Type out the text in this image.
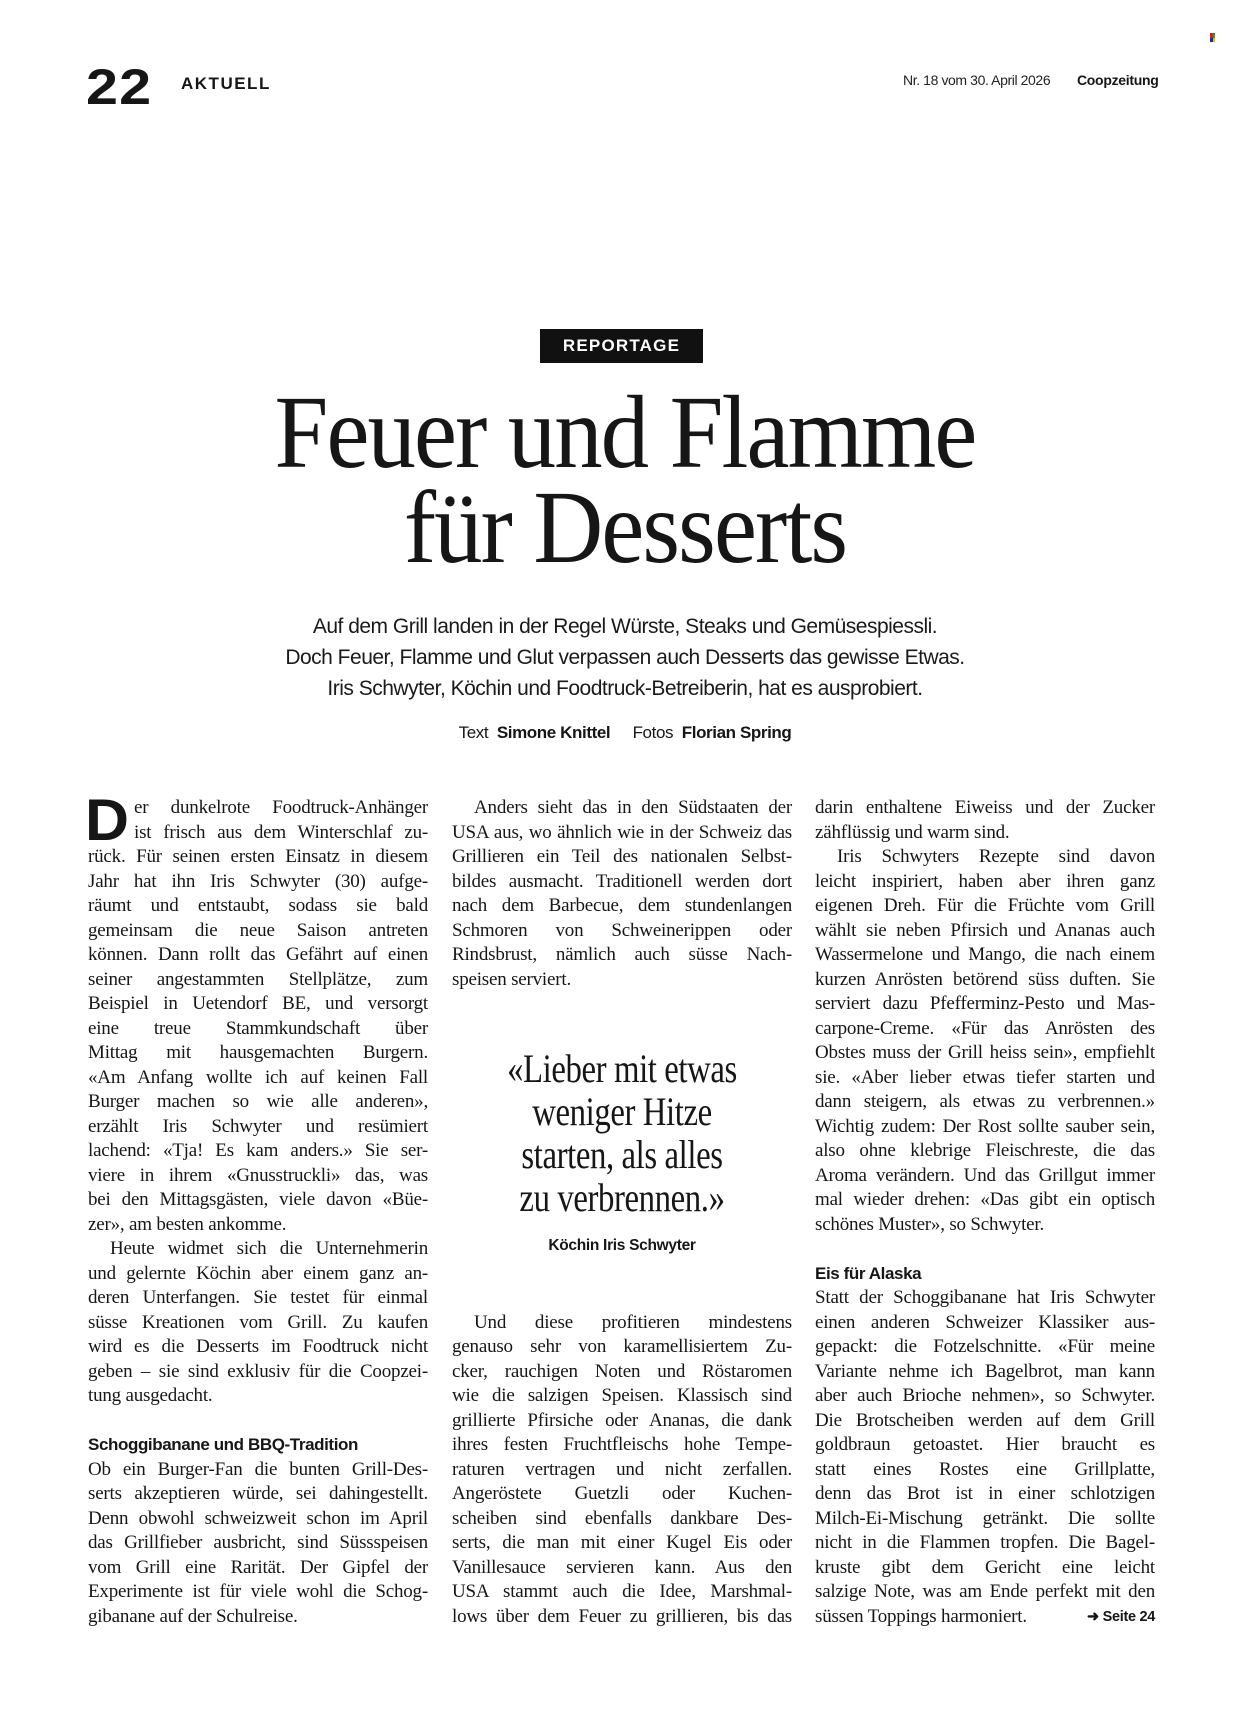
22 AKTUELL	Nr. 18 vom 30. April 2026 Coopzeitung
REPORTAGE
Feuer und Flamme
für Desserts
Auf dem Grill landen in der Regel Würste, Steaks und Gemüsespiessli.
Doch Feuer, Flamme und Glut verpassen auch Desserts das gewisse Etwas.
Iris Schwyter, Köchin und Foodtruck-Betreiberin, hat es ausprobiert.
Text Simone Knittel Fotos Florian Spring
D er dunkelrote Foodtruck-Anhänger
ist frisch aus dem Winterschlaf zu-
rück. Für seinen ersten Einsatz in diesem
Jahr hat ihn Iris Schwyter (30) aufge-
räumt und entstaubt, sodass sie bald
gemeinsam die neue Saison antreten
können. Dann rollt das Gefährt auf einen
seiner angestammten Stellplätze, zum
Beispiel in Uetendorf BE, und versorgt
eine treue Stammkundschaft über
Mittag mit hausgemachten Burgern.
«Am Anfang wollte ich auf keinen Fall
Burger machen so wie alle anderen»,
erzählt Iris Schwyter und resümiert
lachend: «Tja! Es kam anders.» Sie ser-
viere in ihrem «Gnusstruckli» das, was
bei den Mittagsgästen, viele davon «Büe-
zer», am besten ankomme.
Heute widmet sich die Unternehmerin
und gelernte Köchin aber einem ganz an-
deren Unterfangen. Sie testet für einmal
süsse Kreationen vom Grill. Zu kaufen
wird es die Desserts im Foodtruck nicht
geben – sie sind exklusiv für die Coopzei-
tung ausgedacht.
Schoggibanane und BBQ-Tradition
Ob ein Burger-Fan die bunten Grill-Des-
serts akzeptieren würde, sei dahingestellt.
Denn obwohl schweizweit schon im April
das Grillfieber ausbricht, sind Süssspeisen
vom Grill eine Rarität. Der Gipfel der
Experimente ist für viele wohl die Schog-
gibanane auf der Schulreise.
Anders sieht das in den Südstaaten der
USA aus, wo ähnlich wie in der Schweiz das
Grillieren ein Teil des nationalen Selbst-
bildes ausmacht. Traditionell werden dort
nach dem Barbecue, dem stundenlangen
Schmoren von Schweinerippen oder
Rindsbrust, nämlich auch süsse Nach-
speisen serviert.
«Lieber mit etwas
weniger Hitze
starten, als alles
zu verbrennen.»
Köchin Iris Schwyter
Und diese profitieren mindestens
genauso sehr von karamellisiertem Zu-
cker, rauchigen Noten und Röstaromen
wie die salzigen Speisen. Klassisch sind
grillierte Pfirsiche oder Ananas, die dank
ihres festen Fruchtfleischs hohe Tempe-
raturen vertragen und nicht zerfallen.
Angeröstete Guetzli oder Kuchen-
scheiben sind ebenfalls dankbare Des-
serts, die man mit einer Kugel Eis oder
Vanillesauce servieren kann. Aus den
USA stammt auch die Idee, Marshmal-
lows über dem Feuer zu grillieren, bis das
darin enthaltene Eiweiss und der Zucker
zähflüssig und warm sind.
Iris Schwyters Rezepte sind davon
leicht inspiriert, haben aber ihren ganz
eigenen Dreh. Für die Früchte vom Grill
wählt sie neben Pfirsich und Ananas auch
Wassermelone und Mango, die nach einem
kurzen Anrösten betörend süss duften. Sie
serviert dazu Pfefferminz-Pesto und Mas-
carpone-Creme. «Für das Anrösten des
Obstes muss der Grill heiss sein», empfiehlt
sie. «Aber lieber etwas tiefer starten und
dann steigern, als etwas zu verbrennen.»
Wichtig zudem: Der Rost sollte sauber sein,
also ohne klebrige Fleischreste, die das
Aroma verändern. Und das Grillgut immer
mal wieder drehen: «Das gibt ein optisch
schönes Muster», so Schwyter.
Eis für Alaska
Statt der Schoggibanane hat Iris Schwyter
einen anderen Schweizer Klassiker aus-
gepackt: die Fotzelschnitte. «Für meine
Variante nehme ich Bagelbrot, man kann
aber auch Brioche nehmen», so Schwyter.
Die Brotscheiben werden auf dem Grill
goldbraun getoastet. Hier braucht es
statt eines Rostes eine Grillplatte,
denn das Brot ist in einer schlotzigen
Milch-Ei-Mischung getränkt. Die sollte
nicht in die Flammen tropfen. Die Bagel-
kruste gibt dem Gericht eine leicht
salzige Note, was am Ende perfekt mit den
süssen Toppings harmoniert.	➜ Seite 24
